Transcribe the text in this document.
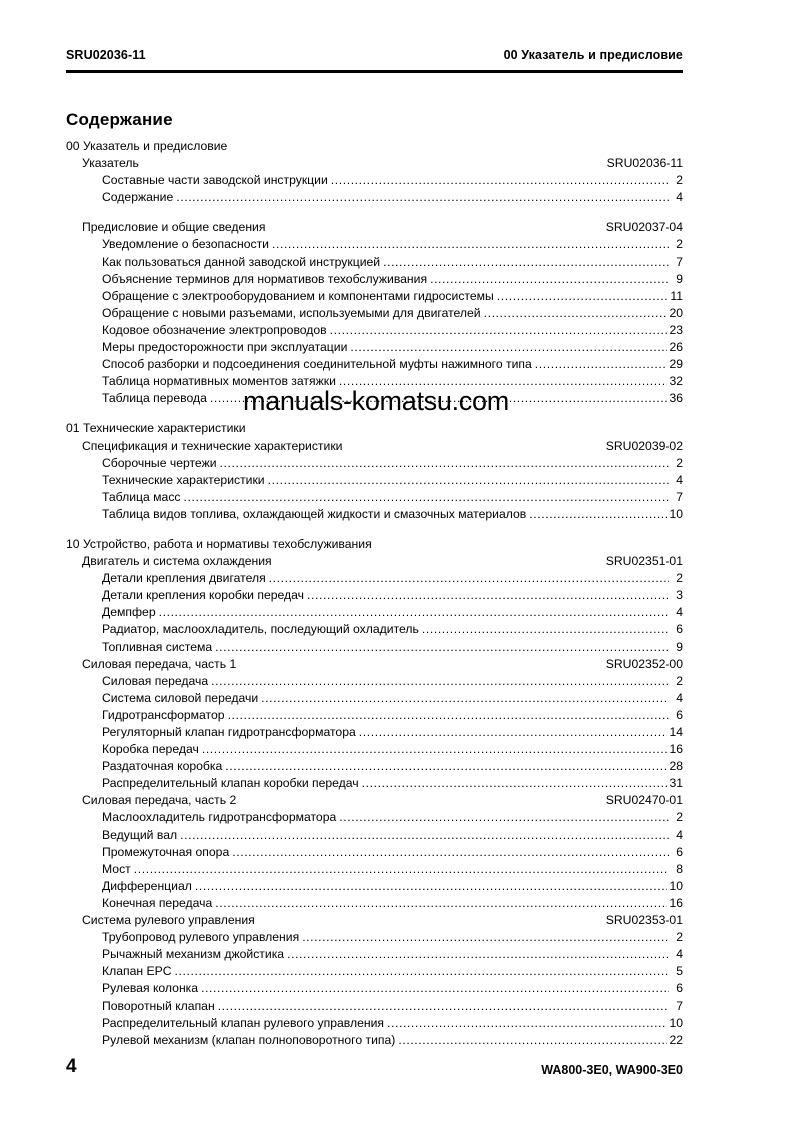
SRU02036-11	00 Указатель и предисловие
Содержание
00 Указатель и предисловие
Указатель	SRU02036-11
Составные части заводской инструкции .....	2
Содержание .....	4
Предисловие и общие сведения	SRU02037-04
Уведомление о безопасности .....	2
Как пользоваться данной заводской инструкцией .....	7
Объяснение терминов для нормативов техобслуживания .....	9
Обращение с электрооборудованием и компонентами гидросистемы .....	11
Обращение с новыми разъемами, используемыми для двигателей .....	20
Кодовое обозначение электропроводов .....	23
Меры предосторожности при эксплуатации .....	26
Способ разборки и подсоединения соединительной муфты нажимного типа .....	29
Таблица нормативных моментов затяжки .....	32
Таблица перевода .....	36
01 Технические характеристики
Спецификация и технические характеристики	SRU02039-02
Сборочные чертежи .....	2
Технические характеристики .....	4
Таблица масс .....	7
Таблица видов топлива, охлаждающей жидкости и смазочных материалов .....	10
10 Устройство, работа и нормативы техобслуживания
Двигатель и система охлаждения	SRU02351-01
Детали крепления двигателя .....	2
Детали крепления коробки передач .....	3
Демпфер .....	4
Радиатор, маслоохладитель, последующий охладитель .....	6
Топливная система .....	9
Силовая передача, часть 1	SRU02352-00
Силовая передача .....	2
Система силовой передачи .....	4
Гидротрансформатор .....	6
Регуляторный клапан гидротрансформатора .....	14
Коробка передач .....	16
Раздаточная коробка .....	28
Распределительный клапан коробки передач .....	31
Силовая передача, часть 2	SRU02470-01
Маслоохладитель гидротрансформатора .....	2
Ведущий вал .....	4
Промежуточная опора .....	6
Мост .....	8
Дифференциал .....	10
Конечная передача .....	16
Система рулевого управления	SRU02353-01
Трубопровод рулевого управления .....	2
Рычажный механизм джойстика .....	4
Клапан EPC .....	5
Рулевая колонка .....	6
Поворотный клапан .....	7
Распределительный клапан рулевого управления .....	10
Рулевой механизм (клапан полноповоротного типа) .....	22
manuals-komatsu.com
4	WA800-3E0, WA900-3E0
